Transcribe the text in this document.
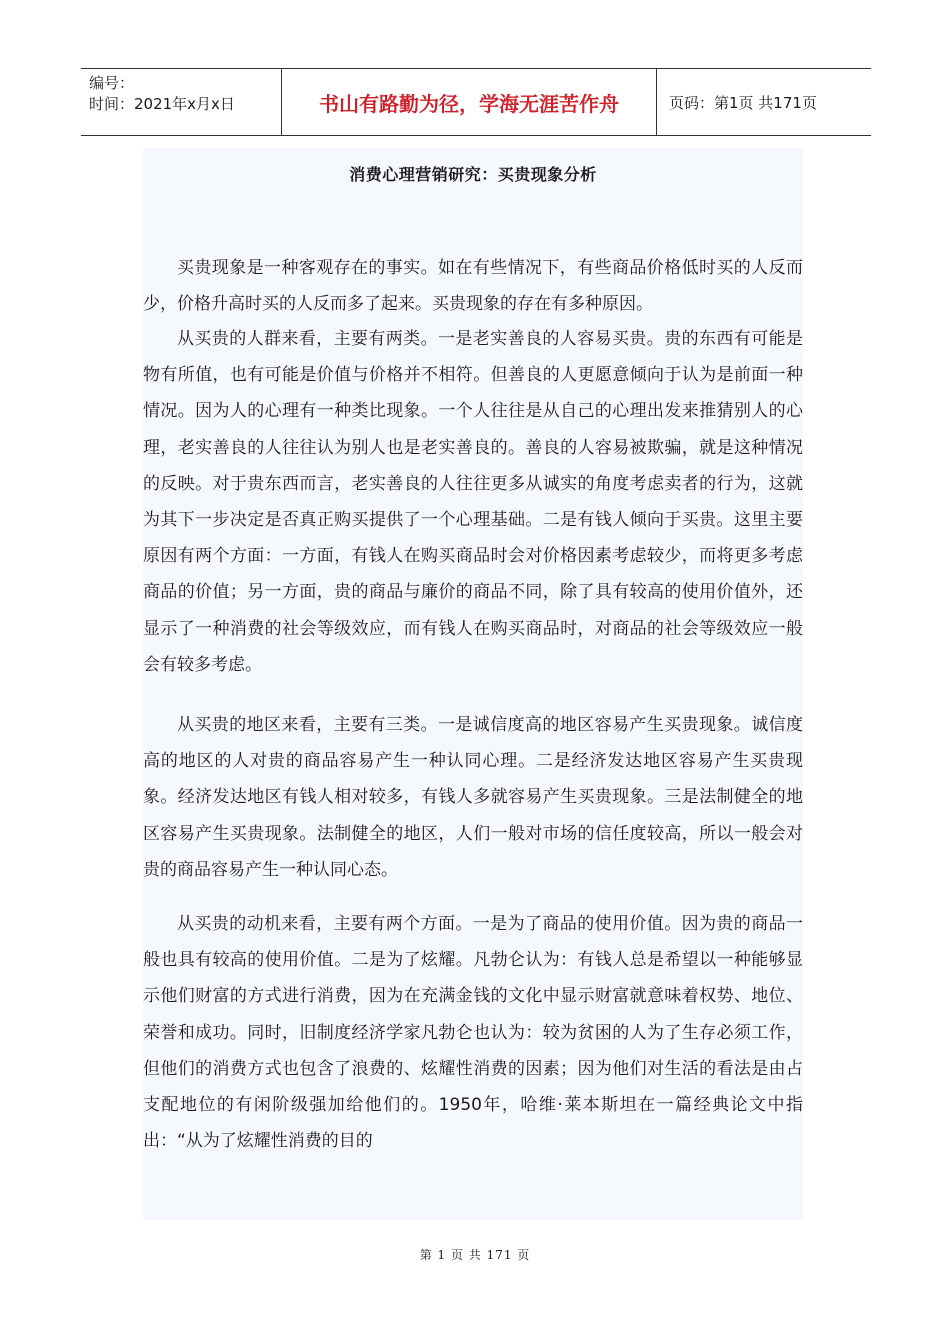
编号：
时间：2021年x月x日	书山有路勤为径，学海无涯苦作舟	页码：第1页 共171页
消费心理营销研究：买贵现象分析

买贵现象是一种客观存在的事实。如在有些情况下，有些商品价格低时买的人反而少，价格升高时买的人反而多了起来。买贵现象的存在有多种原因。

从买贵的人群来看，主要有两类。一是老实善良的人容易买贵。贵的东西有可能是物有所值，也有可能是价值与价格并不相符。但善良的人更愿意倾向于认为是前面一种情况。因为人的心理有一种类比现象。一个人往往是从自己的心理出发来推猜别人的心理，老实善良的人往往认为别人也是老实善良的。善良的人容易被欺骗，就是这种情况的反映。对于贵东西而言，老实善良的人往往更多从诚实的角度考虑卖者的行为，这就为其下一步决定是否真正购买提供了一个心理基础。二是有钱人倾向于买贵。这里主要原因有两个方面：一方面，有钱人在购买商品时会对价格因素考虑较少，而将更多考虑商品的价值；另一方面，贵的商品与廉价的商品不同，除了具有较高的使用价值外，还显示了一种消费的社会等级效应，而有钱人在购买商品时，对商品的社会等级效应一般会有较多考虑。

从买贵的地区来看，主要有三类。一是诚信度高的地区容易产生买贵现象。诚信度高的地区的人对贵的商品容易产生一种认同心理。二是经济发达地区容易产生买贵现象。经济发达地区有钱人相对较多，有钱人多就容易产生买贵现象。三是法制健全的地区容易产生买贵现象。法制健全的地区，人们一般对市场的信任度较高，所以一般会对贵的商品容易产生一种认同心态。

从买贵的动机来看，主要有两个方面。一是为了商品的使用价值。因为贵的商品一般也具有较高的使用价值。二是为了炫耀。凡勃仑认为：有钱人总是希望以一种能够显示他们财富的方式进行消费，因为在充满金钱的文化中显示财富就意味着权势、地位、荣誉和成功。同时，旧制度经济学家凡勃仑也认为：较为贫困的人为了生存必须工作，但他们的消费方式也包含了浪费的、炫耀性消费的因素；因为他们对生活的看法是由占支配地位的有闲阶级强加给他们的。1950年，哈维·莱本斯坦在一篇经典论文中指出：“从为了炫耀性消费的目的

第 1 页 共 171 页
